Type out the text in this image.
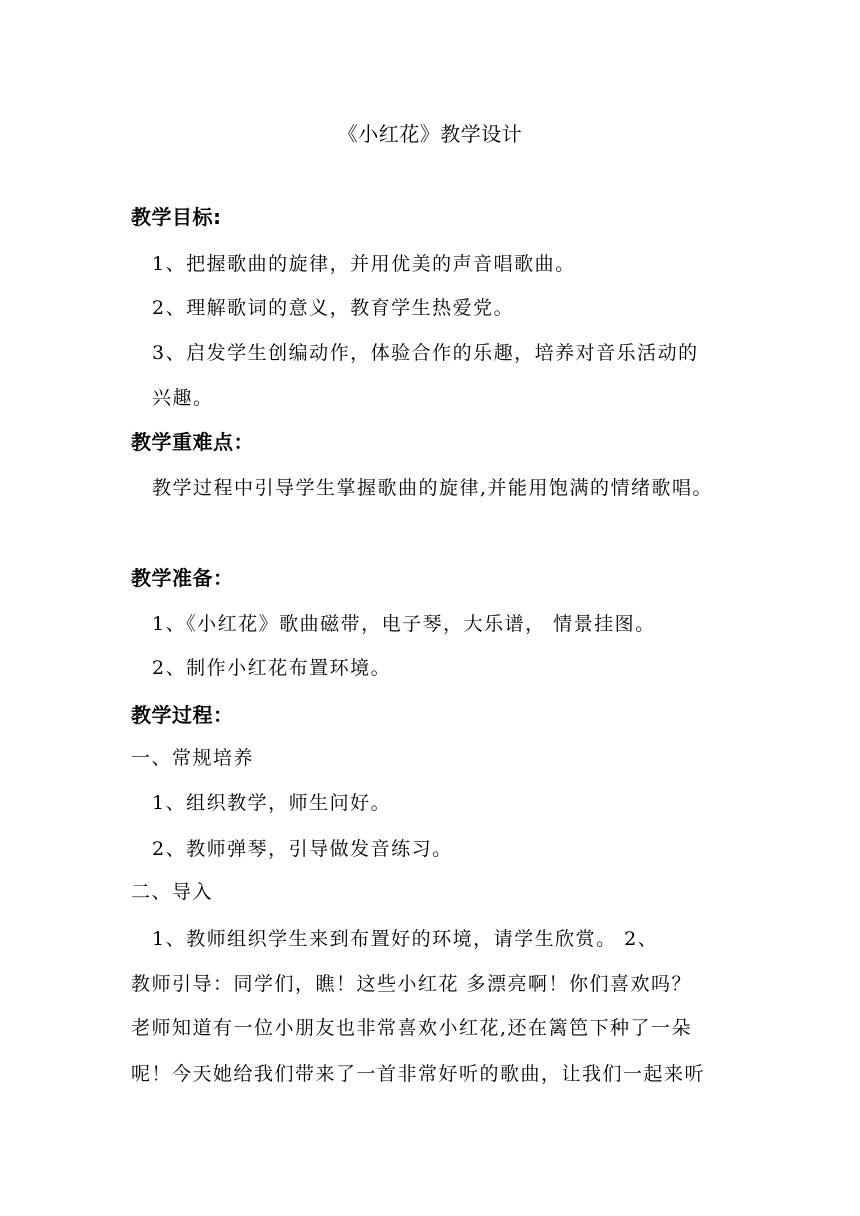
《小红花》教学设计
教学目标:
1、把握歌曲的旋律，并用优美的声音唱歌曲。
2、理解歌词的意义，教育学生热爱党。
3、启发学生创编动作，体验合作的乐趣，培养对音乐活动的
兴趣。
教学重难点：
教学过程中引导学生掌握歌曲的旋律,并能用饱满的情绪歌唱。
教学准备：
1、《小红花》歌曲磁带，电子琴，大乐谱， 情景挂图。
2、制作小红花布置环境。
教学过程：
一、常规培养
1、组织教学，师生问好。
2、教师弹琴，引导做发音练习。
二、导入
1、教师组织学生来到布置好的环境，请学生欣赏。 2、
教师引导：同学们，瞧！这些小红花 多漂亮啊！你们喜欢吗？
老师知道有一位小朋友也非常喜欢小红花,还在篱笆下种了一朵
呢！今天她给我们带来了一首非常好听的歌曲，让我们一起来听
